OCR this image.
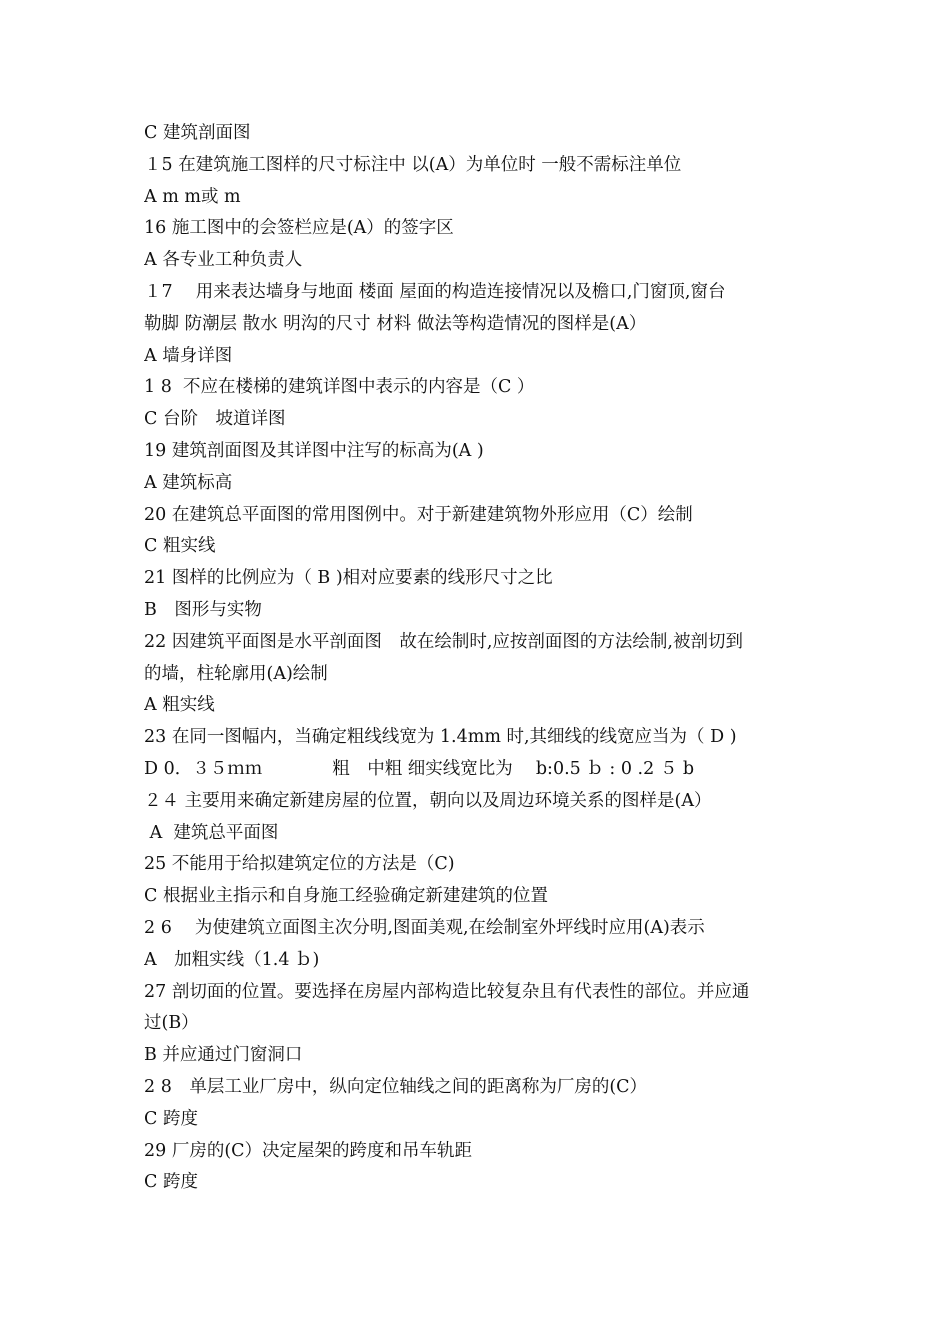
C 建筑剖面图
１5 在建筑施工图样的尺寸标注中 以(A）为单位时 一般不需标注单位
A m m或 m
16 施工图中的会签栏应是(A）的签字区
A 各专业工种负责人
１7　 用来表达墙身与地面 楼面 屋面的构造连接情况以及檐口,门窗顶,窗台
勒脚 防潮层 散水 明沟的尺寸 材料 做法等构造情况的图样是(A）
A 墙身详图
1 8  不应在楼梯的建筑详图中表示的内容是（C ）
C 台阶　坡道详图
19 建筑剖面图及其详图中注写的标高为(A )
A 建筑标高
20 在建筑总平面图的常用图例中。对于新建建筑物外形应用（C）绘制
C 粗实线
21 图样的比例应为（ B )相对应要素的线形尺寸之比
B　图形与实物
22 因建筑平面图是水平剖面图　故在绘制时,应按剖面图的方法绘制,被剖切到
的墙，柱轮廓用(A)绘制
A 粗实线
23 在同一图幅内，当确定粗线线宽为 1.4mm 时,其细线的线宽应当为（ D )
D 0．３５ｍｍ　　　　粗　中粗 细实线宽比为　 b:0.5 ｂ : 0 .2 ５ b
２４ 主要用来确定新建房屋的位置，朝向以及周边环境关系的图样是(A）
A  建筑总平面图
25 不能用于给拟建筑定位的方法是（C)
C 根据业主指示和自身施工经验确定新建建筑的位置
2 6 　为使建筑立面图主次分明,图面美观,在绘制室外坪线时应用(A)表示
A　加粗实线（1.4 ｂ)
27 剖切面的位置。要选择在房屋内部构造比较复杂且有代表性的部位。并应通
过(B）
B 并应通过门窗洞口
2 8　单层工业厂房中，纵向定位轴线之间的距离称为厂房的(C）
C 跨度
29 厂房的(C）决定屋架的跨度和吊车轨距
C 跨度
